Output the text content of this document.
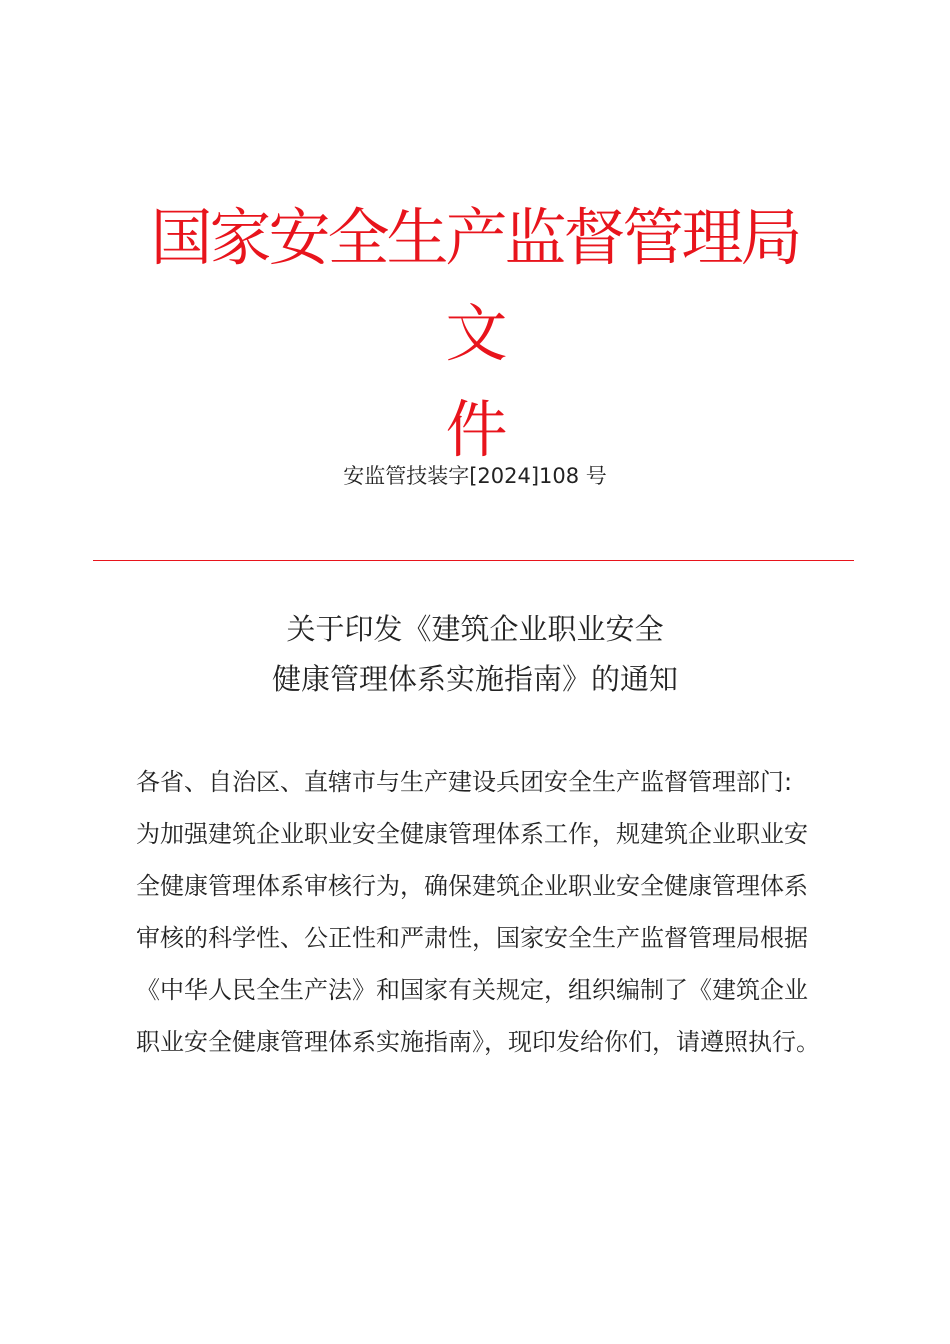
国家安全生产监督管理局文
件
安监管技装字[2024]108 号
关于印发《建筑企业职业安全
健康管理体系实施指南》的通知
各省、自治区、直辖市与生产建设兵团安全生产监督管理部门:
为加强建筑企业职业安全健康管理体系工作，规建筑企业职业安
全健康管理体系审核行为，确保建筑企业职业安全健康管理体系
审核的科学性、公正性和严肃性，国家安全生产监督管理局根据
《中华人民全生产法》和国家有关规定，组织编制了《建筑企业
职业安全健康管理体系实施指南》，现印发给你们，请遵照执行。
